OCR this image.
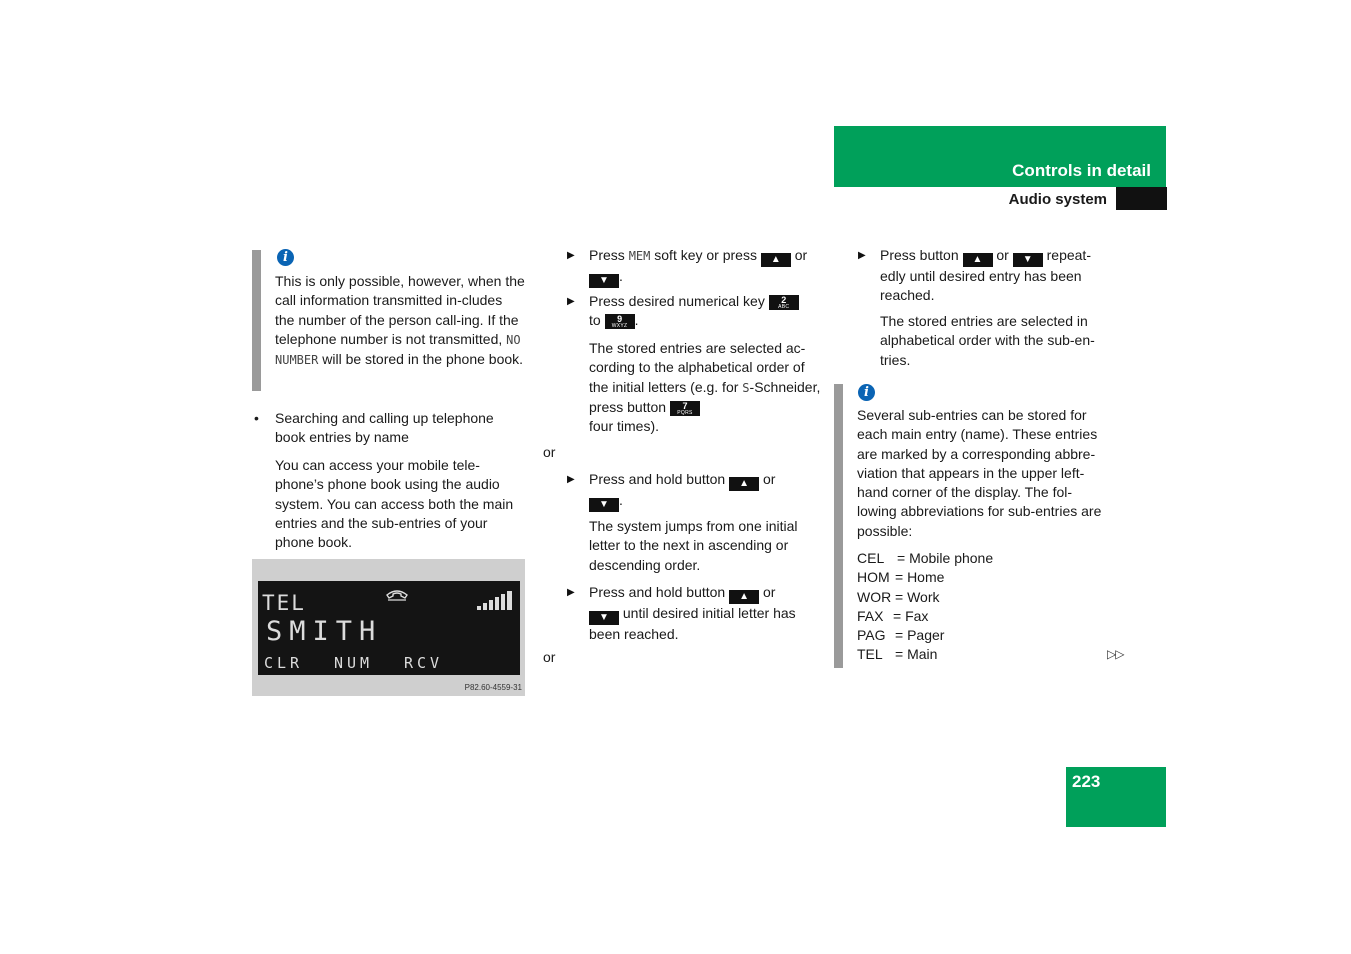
Controls in detail
Audio system
i
This is only possible, however, when the call information transmitted in-cludes the number of the person call-ing. If the telephone number is not transmitted, NO NUMBER will be stored in the phone book.
• Searching and calling up telephone book entries by name

You can access your mobile tele-phone’s phone book using the audio system. You can access both the main entries and the sub-entries of your phone book.
TEL
SMITH
CLR NUM RCV
P82.60-4559-31
▶ Press MEM soft key or press ▲ or
▼ .
▶ Press desired numerical key	2
ABC

to	9
WXYZ .
The stored entries are selected ac-cording to the alphabetical order of the initial letters (e.g. for S-Schneider, press button	7
PQRS

four times).
or
▶ Press and hold button ▲ or
▼ .
The system jumps from one initial letter to the next in ascending or descending order.
▶ Press and hold button ▲ or
▼ until desired initial letter has been reached.
or
▶ Press button ▲ or ▼ repeat-edly until desired entry has been reached.
The stored entries are selected in alphabetical order with the sub-en-tries.
i
Several sub-entries can be stored for each main entry (name). These entries are marked by a corresponding abbre-viation that appears in the upper left-hand corner of the display. The fol-lowing abbreviations for sub-entries are possible:
CEL = Mobile phone
HOM = Home
WOR = Work
FAX = Fax
PAG = Pager
TEL = Main	▷▷
223
